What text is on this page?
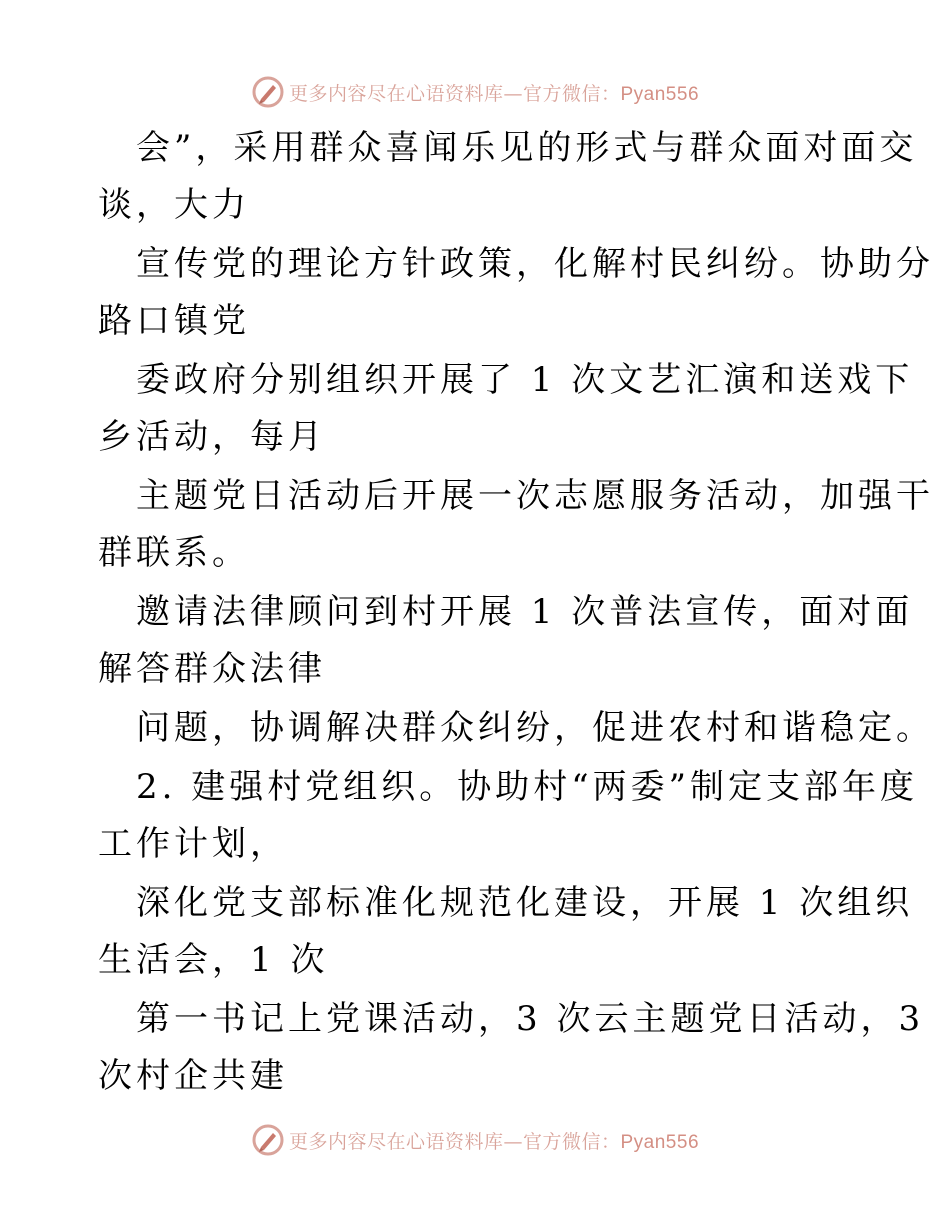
更多内容尽在心语资料库—官方微信：Pyan556
会”，采用群众喜闻乐见的形式与群众面对面交
谈，大力
宣传党的理论方针政策，化解村民纠纷。协助分
路口镇党
委政府分别组织开展了 1 次文艺汇演和送戏下
乡活动，每月
主题党日活动后开展一次志愿服务活动，加强干
群联系。
邀请法律顾问到村开展 1 次普法宣传，面对面
解答群众法律
问题，协调解决群众纠纷，促进农村和谐稳定。
2. 建强村党组织。协助村“两委”制定支部年度
工作计划，
深化党支部标准化规范化建设，开展 1 次组织
生活会，1 次
第一书记上党课活动，3 次云主题党日活动，3
次村企共建
更多内容尽在心语资料库—官方微信：Pyan556
